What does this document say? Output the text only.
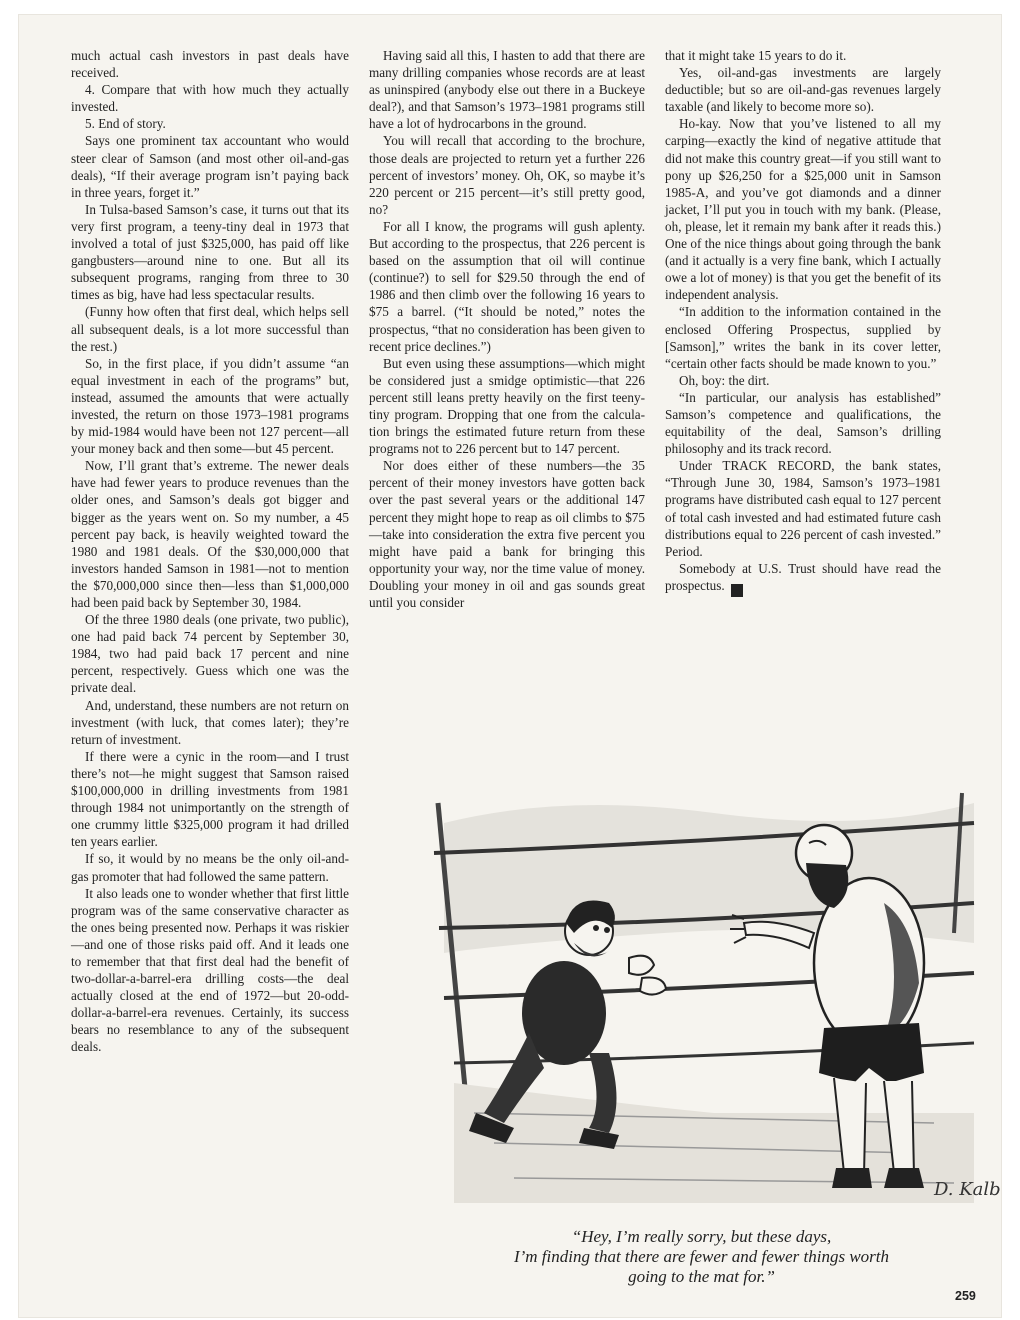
much actual cash investors in past deals have received.

4. Compare that with how much they actually invested.

5. End of story.

Says one prominent tax accountant who would steer clear of Samson (and most other oil-and-gas deals), “If their average program isn’t paying back in three years, forget it.”

In Tulsa-based Samson’s case, it turns out that its very first program, a teeny-tiny deal in 1973 that involved a total of just $325,000, has paid off like gangbusters—around nine to one. But all its subsequent programs, ranging from three to 30 times as big, have had less spectacular results.

(Funny how often that first deal, which helps sell all subsequent deals, is a lot more successful than the rest.)

So, in the first place, if you didn’t assume “an equal investment in each of the programs” but, instead, assumed the amounts that were actually invested, the return on those 1973–1981 programs by mid-1984 would have been not 127 percent—all your money back and then some—but 45 percent.

Now, I’ll grant that’s extreme. The newer deals have had fewer years to produce revenues than the older ones, and Samson’s deals got bigger and bigger as the years went on. So my number, a 45 percent pay back, is heavily weighted toward the 1980 and 1981 deals. Of the $30,000,000 that investors handed Samson in 1981—not to mention the $70,000,000 since then—less than $1,000,000 had been paid back by September 30, 1984.

Of the three 1980 deals (one private, two public), one had paid back 74 percent by September 30, 1984, two had paid back 17 percent and nine percent, respectively. Guess which one was the private deal.

And, understand, these numbers are not return on investment (with luck, that comes later); they’re return of investment.

If there were a cynic in the room—and I trust there’s not—he might suggest that Samson raised $100,000,000 in drilling investments from 1981 through 1984 not unimportantly on the strength of one crummy little $325,000 program it had drilled ten years earlier.

If so, it would by no means be the only oil-and-gas promoter that had followed the same pattern.

It also leads one to wonder whether that first little program was of the same conservative character as the ones being presented now. Perhaps it was riskier—and one of those risks paid off. And it leads one to remember that that first deal had the benefit of two-dollar-a-barrel-era drilling costs—the deal actually closed at the end of 1972—but 20-odd-dollar-a-barrel-era revenues. Certainly, its success bears no resemblance to any of the subsequent deals.

Having said all this, I hasten to add that there are many drilling companies whose records are at least as uninspired (anybody else out there in a Buckeye deal?), and that Samson’s 1973–1981 programs still have a lot of hydrocarbons in the ground.

You will recall that according to the brochure, those deals are projected to return yet a further 226 percent of investors’ money. Oh, OK, so maybe it’s 220 percent or 215 percent—it’s still pretty good, no?

For all I know, the programs will gush aplenty. But according to the prospectus, that 226 percent is based on the assumption that oil will continue (continue?) to sell for $29.50 through the end of 1986 and then climb over the following 16 years to $75 a barrel. (“It should be noted,” notes the prospectus, “that no consideration has been given to recent price declines.”)

But even using these assumptions—which might be considered just a smidge optimistic—that 226 percent still leans pretty heavily on the first teeny-tiny program. Dropping that one from the calculation brings the estimated future return from these programs not to 226 percent but to 147 percent.

Nor does either of these numbers—the 35 percent of their money investors have gotten back over the past several years or the additional 147 percent they might hope to reap as oil climbs to $75—take into consideration the extra five percent you might have paid a bank for bringing this opportunity your way, nor the time value of money. Doubling your money in oil and gas sounds great until you consider

that it might take 15 years to do it.

Yes, oil-and-gas investments are largely deductible; but so are oil-and-gas revenues largely taxable (and likely to become more so).

Ho-kay. Now that you’ve listened to all my carping—exactly the kind of negative attitude that did not make this country great—if you still want to pony up $26,250 for a $25,000 unit in Samson 1985-A, and you’ve got diamonds and a dinner jacket, I’ll put you in touch with my bank. (Please, oh, please, let it remain my bank after it reads this.) One of the nice things about going through the bank (and it actually is a very fine bank, which I actually owe a lot of money) is that you get the benefit of its independent analysis.

“In addition to the information contained in the enclosed Offering Prospectus, supplied by [Samson],” writes the bank in its cover letter, “certain other facts should be made known to you.”

Oh, boy: the dirt.

“In particular, our analysis has established” Samson’s competence and qualifications, the equitability of the deal, Samson’s drilling philosophy and its track record.

Under TRACK RECORD, the bank states, “Through June 30, 1984, Samson’s 1973–1981 programs have distributed cash equal to 127 percent of total cash invested and had estimated future cash distributions equal to 226 percent of cash invested.” Period.

Somebody at U.S. Trust should have read the prospectus. ♦

D. Kalb
“Hey, I’m really sorry, but these days,
I’m finding that there are fewer and fewer things worth
going to the mat for.”
259
